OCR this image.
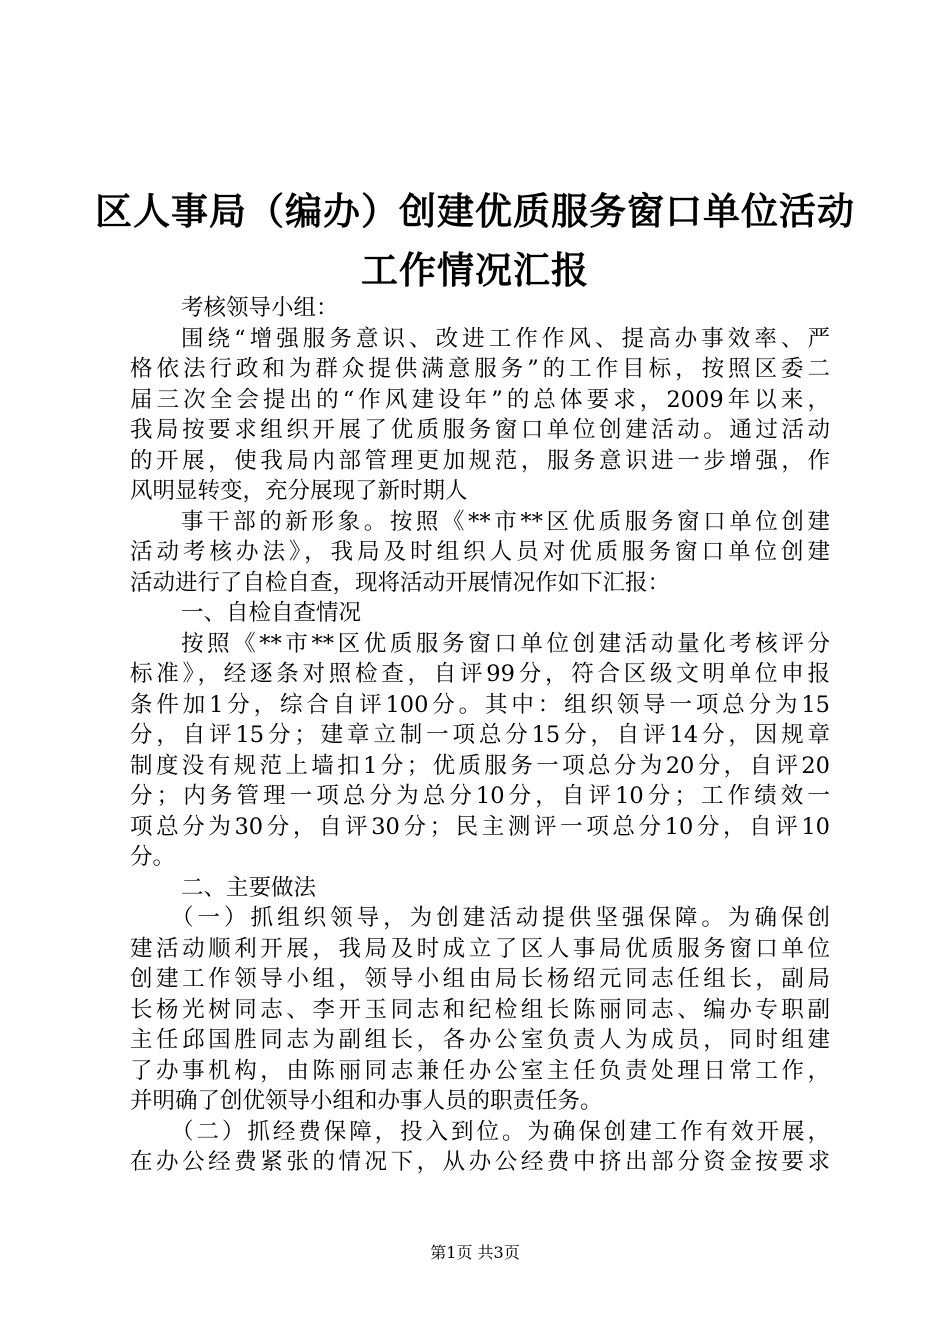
区人事局（编办）创建优质服务窗口单位活动
工作情况汇报
考核领导小组：
围绕“增强服务意识、改进工作作风、提高办事效率、严
格依法行政和为群众提供满意服务”的工作目标，按照区委二
届三次全会提出的“作风建设年”的总体要求，2009年以来，
我局按要求组织开展了优质服务窗口单位创建活动。通过活动
的开展，使我局内部管理更加规范，服务意识进一步增强，作
风明显转变，充分展现了新时期人
事干部的新形象。按照《**市**区优质服务窗口单位创建
活动考核办法》，我局及时组织人员对优质服务窗口单位创建
活动进行了自检自查，现将活动开展情况作如下汇报：
一、自检自查情况
按照《**市**区优质服务窗口单位创建活动量化考核评分
标准》，经逐条对照检查，自评99分，符合区级文明单位申报
条件加1分，综合自评100分。其中：组织领导一项总分为15
分，自评15分；建章立制一项总分15分，自评14分，因规章
制度没有规范上墙扣1分；优质服务一项总分为20分，自评20
分；内务管理一项总分为总分10分，自评10分；工作绩效一
项总分为30分，自评30分；民主测评一项总分10分，自评10
分。
二、主要做法
（一）抓组织领导，为创建活动提供坚强保障。为确保创
建活动顺利开展，我局及时成立了区人事局优质服务窗口单位
创建工作领导小组，领导小组由局长杨绍元同志任组长，副局
长杨光树同志、李开玉同志和纪检组长陈丽同志、编办专职副
主任邱国胜同志为副组长，各办公室负责人为成员，同时组建
了办事机构，由陈丽同志兼任办公室主任负责处理日常工作，
并明确了创优领导小组和办事人员的职责任务。
（二）抓经费保障，投入到位。为确保创建工作有效开展，
在办公经费紧张的情况下，从办公经费中挤出部分资金按要求
第1页 共3页
